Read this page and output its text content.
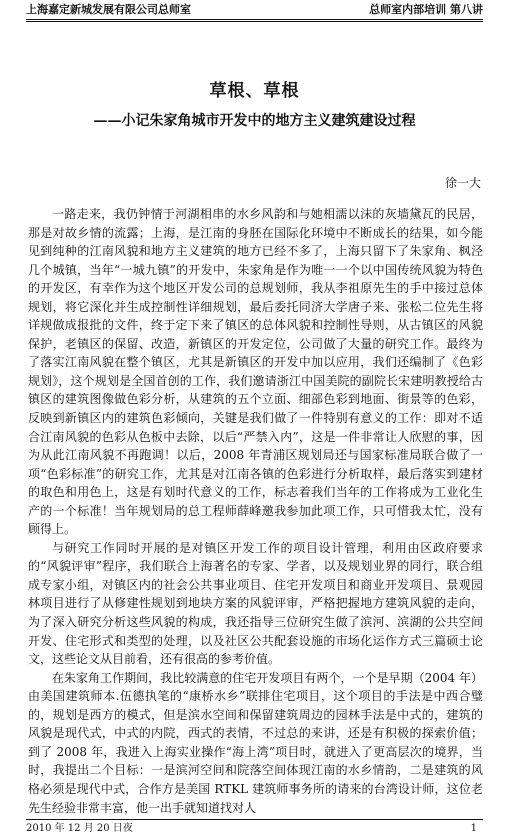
上海嘉定新城发展有限公司总师室	总师室内部培训 第八讲
草根、草根
——小记朱家角城市开发中的地方主义建筑建设过程
徐一大

一路走来，我仍钟情于河湖相串的水乡风韵和与她相濡以沫的灰墙黛瓦的民居，那是对故乡情的流露；上海，是江南的身胚在国际化环境中不断成长的结果，如今能见到纯种的江南风貌和地方主义建筑的地方已经不多了，上海只留下了朱家角、枫泾几个城镇，当年“一城九镇”的开发中，朱家角是作为唯一一个以中国传统风貌为特色的开发区，有幸作为这个地区开发公司的总规划师，我从李祖原先生的手中接过总体规划，将它深化并生成控制性详细规划，最后委托同济大学唐子来、张松二位先生将详规做成报批的文件，终于定下来了镇区的总体风貌和控制性导则，从古镇区的风貌保护，老镇区的保留、改造，新镇区的开发定位，公司做了大量的研究工作。最终为了落实江南风貌在整个镇区，尤其是新镇区的开发中加以应用，我们还编制了《色彩规划》，这个规划是全国首创的工作，我们邀请浙江中国美院的副院长宋建明教授给古镇区的建筑图像做色彩分析，从建筑的五个立面、细部色彩到地面、街景等的色彩，反映到新镇区内的建筑色彩倾向，关键是我们做了一件特别有意义的工作：即对不适合江南风貌的色彩从色板中去除，以后“严禁入内”，这是一件非常让人欣慰的事，因为从此江南风貌不再跑调！以后，2008 年青浦区规划局还与国家标准局联合做了一项“色彩标准”的研究工作，尤其是对江南各镇的色彩进行分析取样，最后落实到建材的取色和用色上，这是有划时代意义的工作，标志着我们当年的工作将成为工业化生产的一个标准！当年规划局的总工程师薛峰邀我参加此项工作，只可惜我太忙，没有顾得上。

与研究工作同时开展的是对镇区开发工作的项目设计管理，利用由区政府要求的“风貌评审”程序，我们联合上海著名的专家、学者，以及规划业界的同行，联合组成专家小组，对镇区内的社会公共事业项目、住宅开发项目和商业开发项目、景观园林项目进行了从修建性规划到地块方案的风貌评审，严格把握地方建筑风貌的走向，为了深入研究分析这些风貌的构成，我还指导三位研究生做了滨河、滨湖的公共空间开发、住宅形式和类型的处理，以及社区公共配套设施的市场化运作方式三篇硕士论文，这些论文从目前看，还有很高的参考价值。

在朱家角工作期间，我比较满意的住宅开发项目有两个，一个是早期（2004 年）由美国建筑师本.伍德执笔的“康桥水乡”联排住宅项目，这个项目的手法是中西合璧的，规划是西方的模式，但是滨水空间和保留建筑周边的园林手法是中式的，建筑的风貌是现代式，中式的内院，西式的表情，不过总的来讲，还是有积极的探索价值；到了 2008 年，我进入上海实业操作“海上湾”项目时，就进入了更高层次的境界，当时，我提出二个目标：一是滨河空间和院落空间体现江南的水乡情韵，二是建筑的风格必须是现代中式，合作方是美国 RTKL 建筑师事务所的请来的台湾设计师，这位老先生经验非常丰富，他一出手就知道找对人

2010 年 12 月 20 日夜	1
